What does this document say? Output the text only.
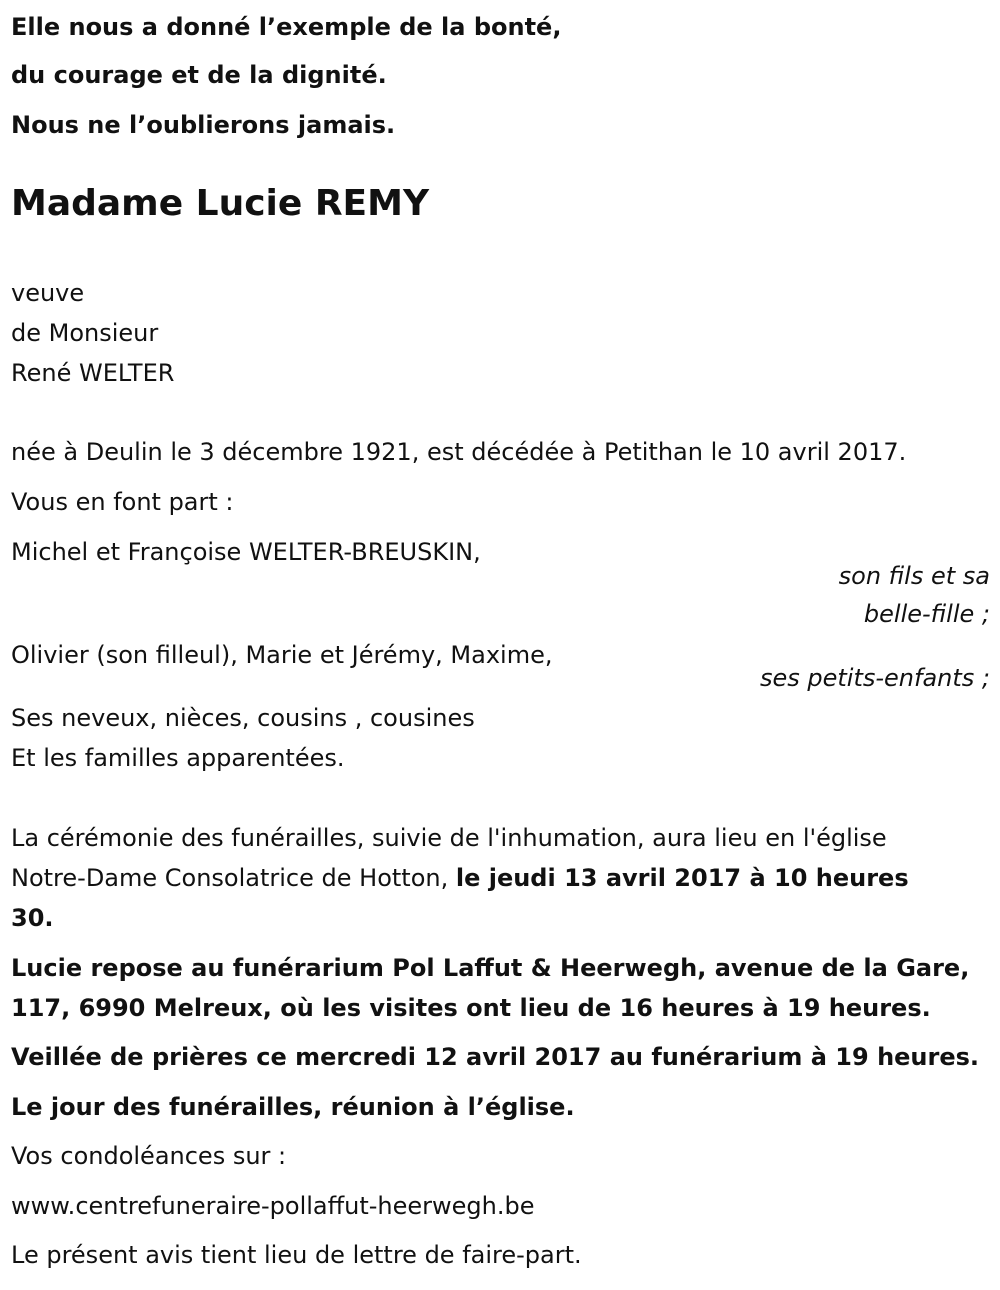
Elle nous a donné l’exemple de la bonté,
du courage et de la dignité.
Nous ne l’oublierons jamais.
Madame Lucie REMY
veuve
de Monsieur
René WELTER
née à Deulin le 3 décembre 1921, est décédée à Petithan le 10 avril 2017.
Vous en font part :
Michel et Françoise WELTER-BREUSKIN,
son fils et sa
belle-fille ;
Olivier (son filleul), Marie et Jérémy, Maxime,
ses petits-enfants ;
Ses neveux, nièces, cousins , cousines
Et les familles apparentées.
La cérémonie des funérailles, suivie de l'inhumation, aura lieu en l'église
Notre-Dame Consolatrice de Hotton, le jeudi 13 avril 2017 à 10 heures
30.
Lucie repose au funérarium Pol Laffut & Heerwegh, avenue de la Gare,
117, 6990 Melreux, où les visites ont lieu de 16 heures à 19 heures.
Veillée de prières ce mercredi 12 avril 2017 au funérarium à 19 heures.
Le jour des funérailles, réunion à l’église.
Vos condoléances sur :
www.centrefuneraire-pollaffut-heerwegh.be
Le présent avis tient lieu de lettre de faire-part.
